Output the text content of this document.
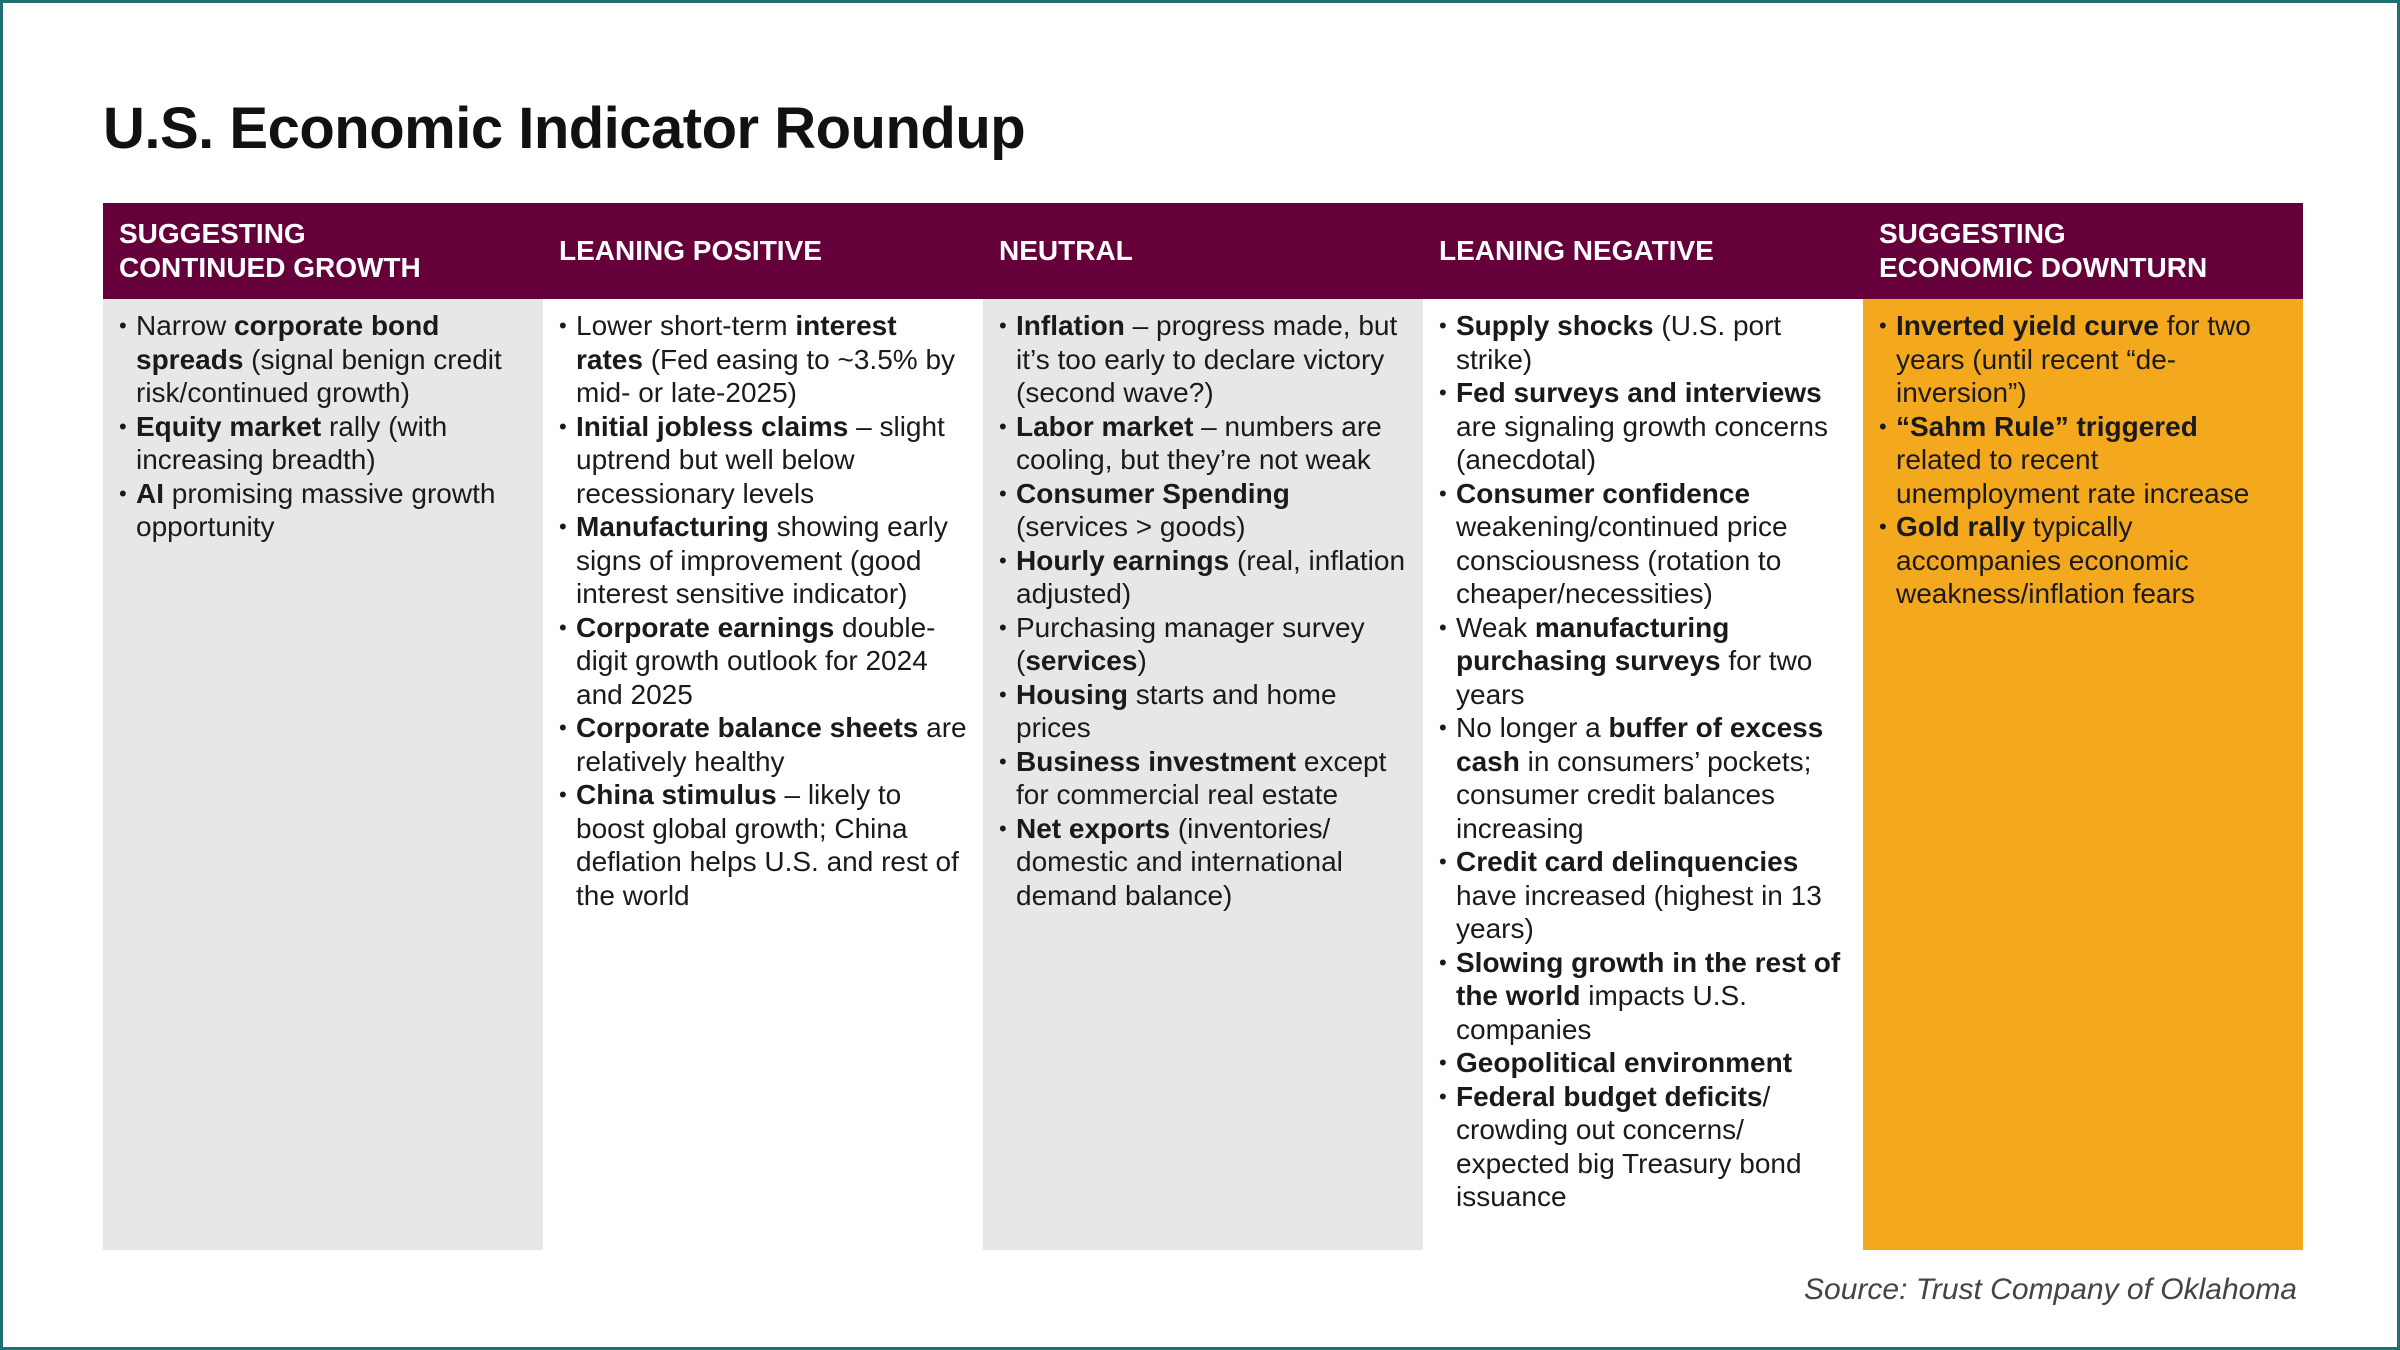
U.S. Economic Indicator Roundup
SUGGESTING
CONTINUED GROWTH
LEANING POSITIVE	NEUTRAL	LEANING NEGATIVE
SUGGESTING
ECONOMIC DOWNTURN
• Narrow corporate bond spreads (signal benign credit risk/continued growth)
• Equity market rally (with increasing breadth)
• AI promising massive growth opportunity
• Lower short-term interest rates (Fed easing to ~3.5% by mid- or late-2025)
• Initial jobless claims – slight uptrend but well below recessionary levels
• Manufacturing showing early signs of improvement (good interest sensitive indicator)
• Corporate earnings double-digit growth outlook for 2024 and 2025
• Corporate balance sheets are relatively healthy
• China stimulus – likely to boost global growth; China deflation helps U.S. and rest of the world
• Inflation – progress made, but it’s too early to declare victory (second wave?)
• Labor market – numbers are cooling, but they’re not weak
• Consumer Spending (services > goods)
• Hourly earnings (real, inflation adjusted)
• Purchasing manager survey (services)
• Housing starts and home prices
• Business investment except for commercial real estate
• Net exports (inventories/ domestic and international demand balance)
• Supply shocks (U.S. port strike)
• Fed surveys and interviews are signaling growth concerns (anecdotal)
• Consumer confidence weakening/continued price consciousness (rotation to cheaper/necessities)
• Weak manufacturing purchasing surveys for two years
• No longer a buffer of excess cash in consumers’ pockets; consumer credit balances increasing
• Credit card delinquencies have increased (highest in 13 years)
• Slowing growth in the rest of the world impacts U.S. companies
• Geopolitical environment
• Federal budget deficits/ crowding out concerns/ expected big Treasury bond issuance
• Inverted yield curve for two years (until recent “de-inversion”)
• “Sahm Rule” triggered related to recent unemployment rate increase
• Gold rally typically accompanies economic weakness/inflation fears
Source: Trust Company of Oklahoma
